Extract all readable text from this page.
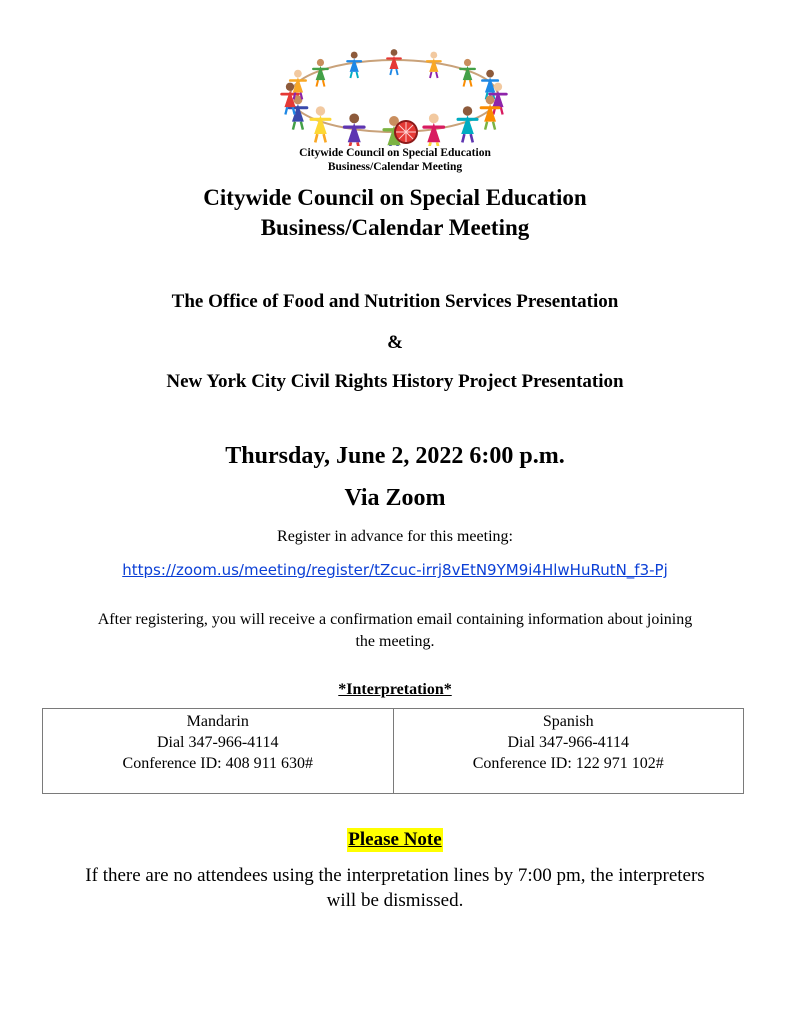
Citywide Council on Special Education
Business/Calendar Meeting
Citywide Council on Special Education
Business/Calendar Meeting
The Office of Food and Nutrition Services Presentation
&
New York City Civil Rights History Project Presentation
Thursday, June 2, 2022 6:00 p.m.
Via Zoom
Register in advance for this meeting:
https://zoom.us/meeting/register/tZcuc-irrj8vEtN9YM9i4HlwHuRutN_f3-Pj
After registering, you will receive a confirmation email containing information about joining
the meeting.
*Interpretation*
Mandarin
Dial 347-966-4114
Conference ID: 408 911 630#

Spanish
Dial 347-966-4114
Conference ID: 122 971 102#
Please Note
If there are no attendees using the interpretation lines by 7:00 pm, the interpreters
will be dismissed.
